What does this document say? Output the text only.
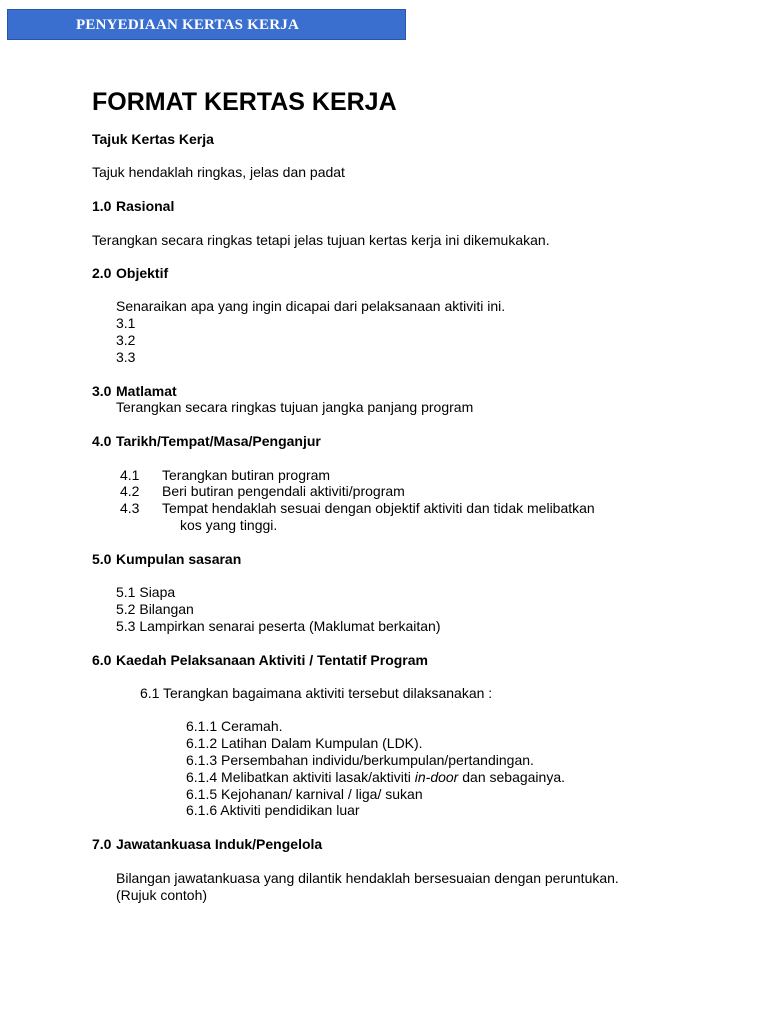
PENYEDIAAN KERTAS KERJA
FORMAT KERTAS KERJA
Tajuk Kertas Kerja
Tajuk hendaklah ringkas, jelas dan padat
1.0 Rasional
Terangkan secara ringkas tetapi jelas tujuan kertas kerja ini dikemukakan.
2.0 Objektif
Senaraikan apa yang ingin dicapai dari pelaksanaan aktiviti ini.
3.1
3.2
3.3
3.0 Matlamat
Terangkan secara ringkas tujuan jangka panjang program
4.0 Tarikh/Tempat/Masa/Penganjur
4.1 Terangkan butiran program
4.2 Beri butiran pengendali aktiviti/program
4.3 Tempat hendaklah sesuai dengan objektif aktiviti dan tidak melibatkan
kos yang tinggi.
5.0 Kumpulan sasaran
5.1 Siapa
5.2 Bilangan
5.3 Lampirkan senarai peserta (Maklumat berkaitan)
6.0 Kaedah Pelaksanaan Aktiviti / Tentatif Program
6.1 Terangkan bagaimana aktiviti tersebut dilaksanakan :
6.1.1 Ceramah.
6.1.2 Latihan Dalam Kumpulan (LDK).
6.1.3 Persembahan individu/berkumpulan/pertandingan.
6.1.4 Melibatkan aktiviti lasak/aktiviti in-door dan sebagainya.
6.1.5 Kejohanan/ karnival / liga/ sukan
6.1.6 Aktiviti pendidikan luar
7.0 Jawatankuasa Induk/Pengelola
Bilangan jawatankuasa yang dilantik hendaklah bersesuaian dengan peruntukan.
(Rujuk contoh)
